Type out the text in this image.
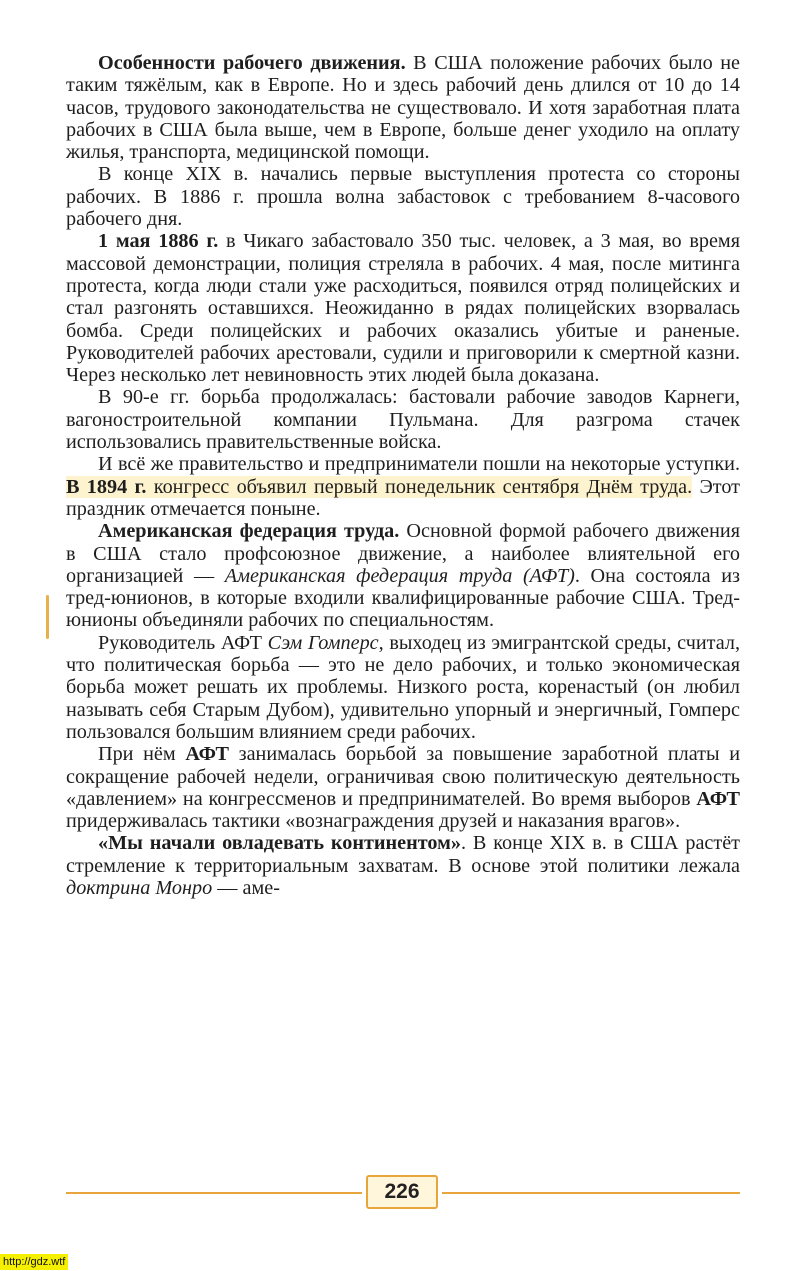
Особенности рабочего движения. В США положение рабочих было не таким тяжёлым, как в Европе. Но и здесь рабочий день длился от 10 до 14 часов, трудового законодательства не существовало. И хотя заработная плата рабочих в США была выше, чем в Европе, больше денег уходило на оплату жилья, транспорта, медицинской помощи.

В конце XIX в. начались первые выступления протеста со стороны рабочих. В 1886 г. прошла волна забастовок с требованием 8-часового рабочего дня.

1 мая 1886 г. в Чикаго забастовало 350 тыс. человек, а 3 мая, во время массовой демонстрации, полиция стреляла в рабочих. 4 мая, после митинга протеста, когда люди стали уже расходиться, появился отряд полицейских и стал разгонять оставшихся. Неожиданно в рядах полицейских взорвалась бомба. Среди полицейских и рабочих оказались убитые и раненые. Руководителей рабочих арестовали, судили и приговорили к смертной казни. Через несколько лет невиновность этих людей была доказана.

В 90-е гг. борьба продолжалась: бастовали рабочие заводов Карнеги, вагоностроительной компании Пульмана. Для разгрома стачек использовались правительственные войска.

И всё же правительство и предприниматели пошли на некоторые уступки. В 1894 г. конгресс объявил первый понедельник сентября Днём труда. Этот праздник отмечается поныне.

Американская федерация труда. Основной формой рабочего движения в США стало профсоюзное движение, а наиболее влиятельной его организацией — Американская федерация труда (АФТ). Она состояла из тред-юнионов, в которые входили квалифицированные рабочие США. Тред-юнионы объединяли рабочих по специальностям.

Руководитель АФТ Сэм Гомперс, выходец из эмигрантской среды, считал, что политическая борьба — это не дело рабочих, и только экономическая борьба может решать их проблемы. Низкого роста, коренастый (он любил называть себя Старым Дубом), удивительно упорный и энергичный, Гомперс пользовался большим влиянием среди рабочих.

При нём АФТ занималась борьбой за повышение заработной платы и сокращение рабочей недели, ограничивая свою политическую деятельность «давлением» на конгрессменов и предпринимателей. Во время выборов АФТ придерживалась тактики «вознаграждения друзей и наказания врагов».

«Мы начали овладевать континентом». В конце XIX в. в США растёт стремление к территориальным захватам. В основе этой политики лежала доктрина Монро — аме-

226
http://gdz.wtf
